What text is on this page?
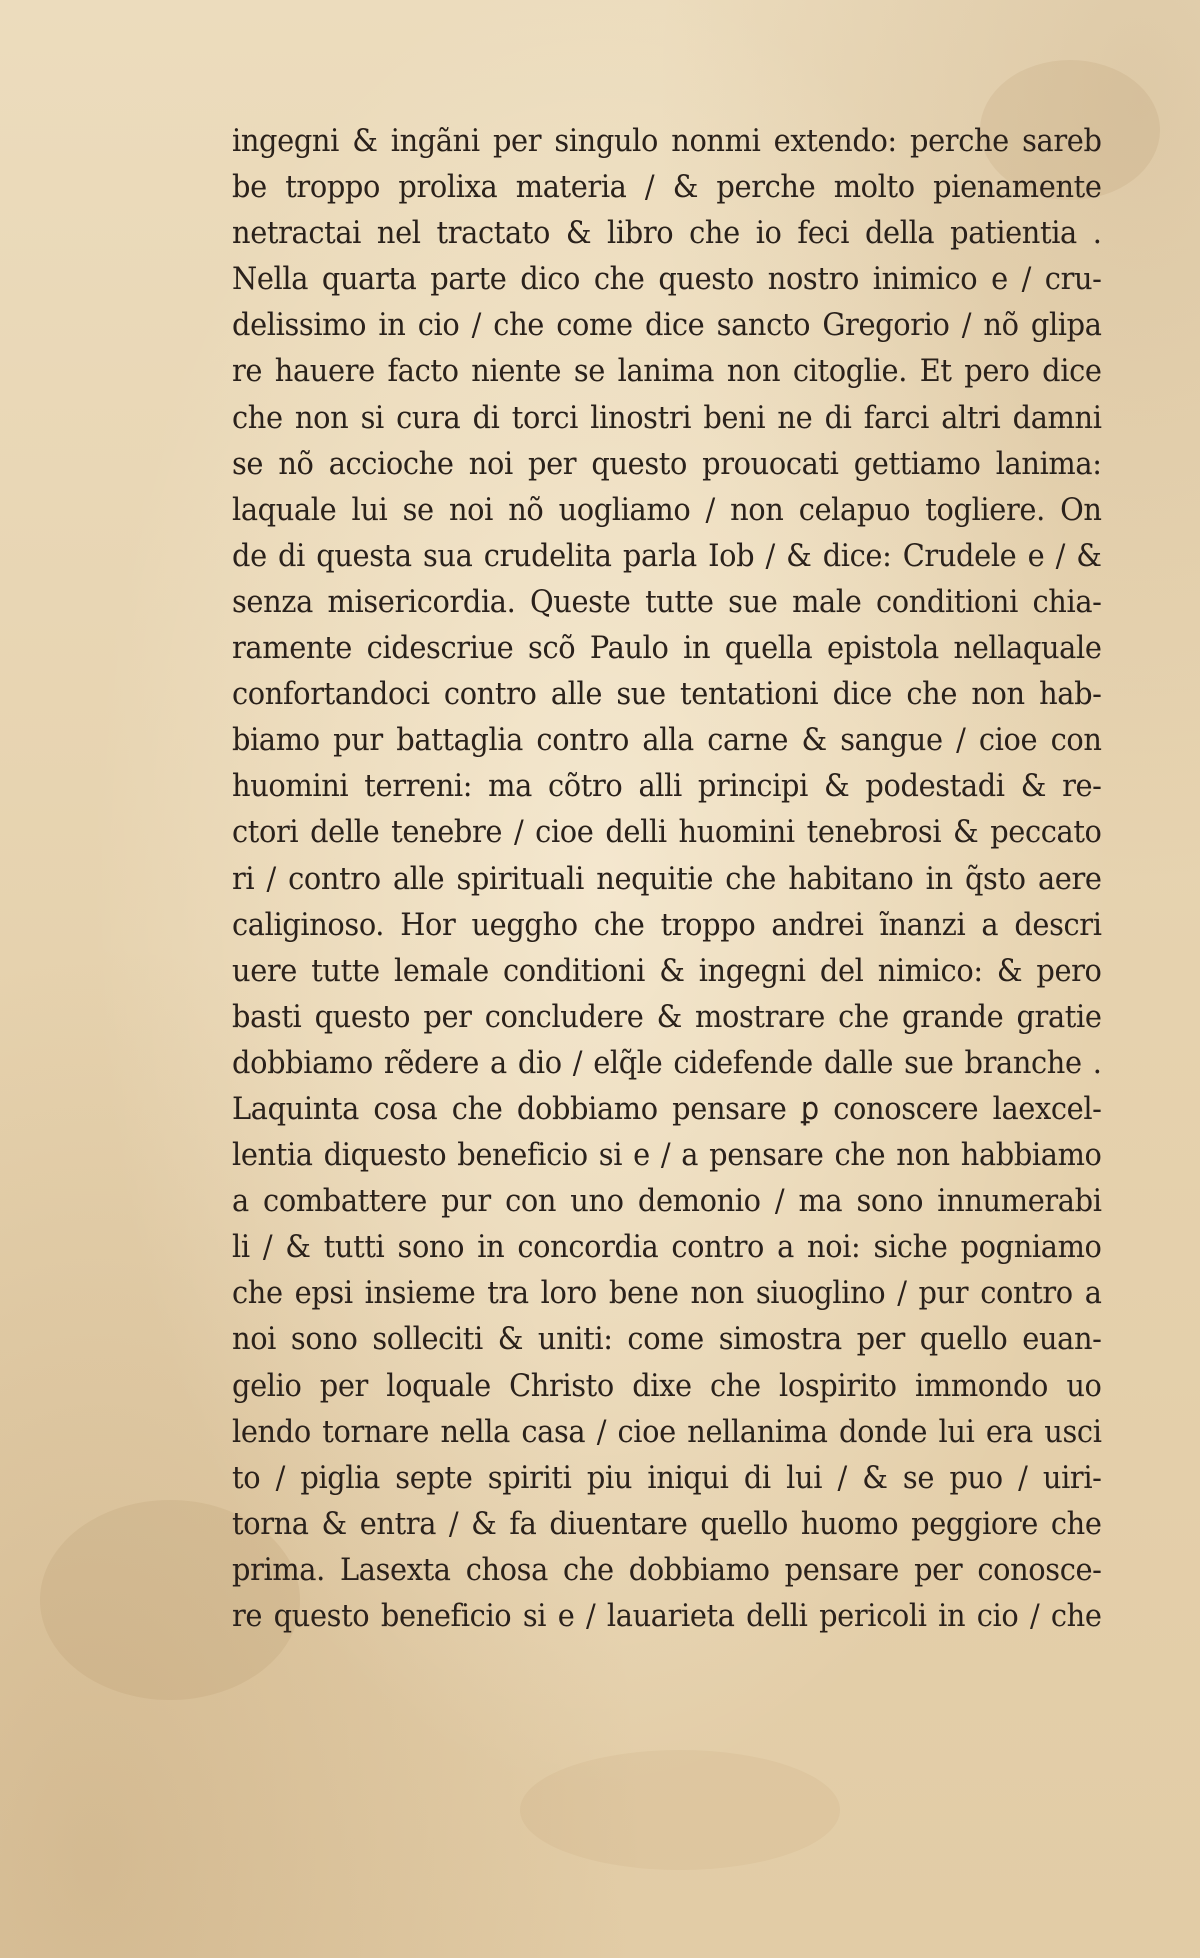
ingegni & ingãni per singulo nonmi extendo: perche sareb
be troppo prolixa materia / & perche molto pienamente
netractai nel tractato & libro che io feci della patientia .
Nella quarta parte dico che questo nostro inimico e / cru-
delissimo in cio / che come dice sancto Gregorio / nõ glipa
re hauere facto niente se lanima non citoglie. Et pero dice
che non si cura di torci linostri beni ne di farci altri damni
se nõ acciochе noi per questo prouocati gettiamo lanima:
laquale lui se noi nõ uogliamo / non celapuo togliere. On
de di questa sua crudelita parla Iob / & dice: Crudele e / &
senza misericordia. Queste tutte sue male conditioni chia-
ramente cidescriue scõ Paulo in quella epistola nellaquale
confortandoci contro alle sue tentationi dice che non hab-
biamo pur battaglia contro alla carne & sangue / cioe con
huomini terreni: ma cõtro alli principi & podestadi & re-
ctori delle tenebre / cioe delli huomini tenebrosi & peccato
ri / contro alle spirituali nequitie che habitano in q̃sto aere
caliginoso. Hor ueggho che troppo andrei ĩnanzi a descri
uere tutte lemale conditioni & ingegni del nimico: & pero
basti questo per concludere & mostrare che grande gratie
dobbiamo rẽdere a dio / elq̃le cidefende dalle sue branche .
Laquinta cosa che dobbiamo pensare ꝑ conoscere laexcel-
lentia diquesto beneficio si e / a pensare che non habbiamo
a combattere pur con uno demonio / ma sono innumerabi
li / & tutti sono in concordia contro a noi: siche pogniamo
che epsi insieme tra loro bene non siuoglino / pur contro a
noi sono solleciti & uniti: come simostra per quello euan-
gelio per loquale Christo dixe che lospirito immondo uo
lendo tornare nella casa / cioe nellanima donde lui era usci
to / piglia septe spiriti piu iniqui di lui / & se puo / uiri-
torna & entra / & fa diuentare quello huomo peggiore che
prima. Lasexta chosa che dobbiamo pensare per conosce-
re questo beneficio si e / lauarieta delli pericoli in cio / che
